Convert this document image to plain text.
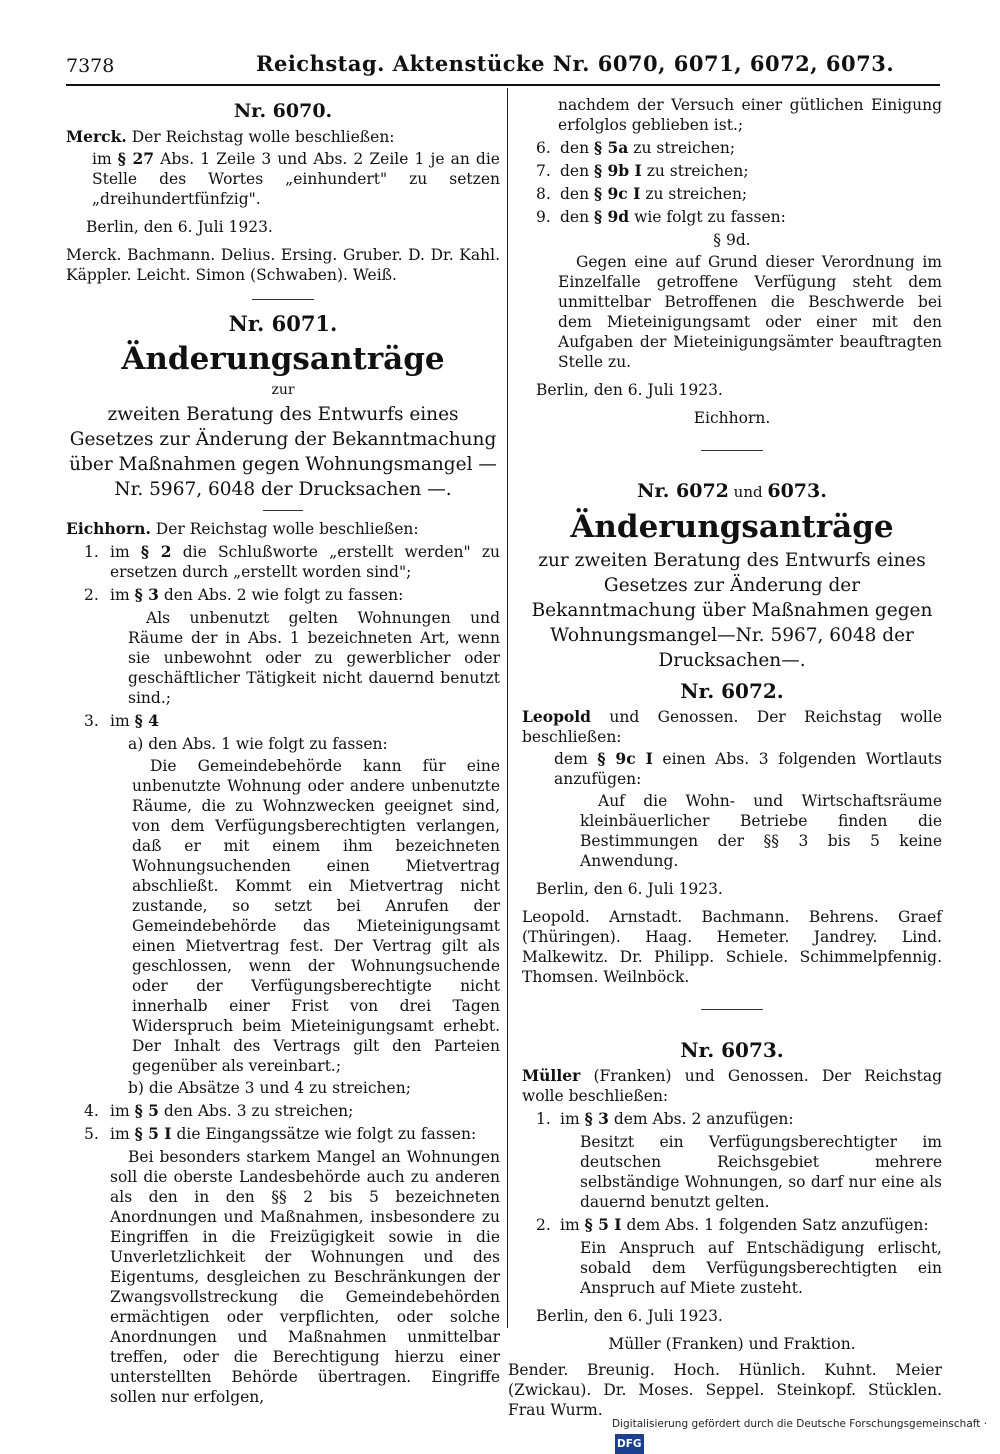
7378	Reichstag. Aktenstücke Nr. 6070, 6071, 6072, 6073.
Nr. 6070.
Merck. Der Reichstag wolle beschließen:
im § 27 Abs. 1 Zeile 3 und Abs. 2 Zeile 1 je an die Stelle des Wortes „einhundert" zu setzen „dreihundertfünfzig".
Berlin, den 6. Juli 1923.
Merck. Bachmann. Delius. Ersing. Gruber. D. Dr. Kahl. Käppler. Leicht. Simon (Schwaben). Weiß.
Nr. 6071.
Änderungsanträge
zur
zweiten Beratung des Entwurfs eines Gesetzes zur Änderung der Bekanntmachung über Maßnahmen gegen Wohnungsmangel — Nr. 5967, 6048 der Drucksachen —.
Eichhorn. Der Reichstag wolle beschließen:
1. im § 2 die Schlußworte „erstellt werden" zu ersetzen durch „erstellt worden sind";
2. im § 3 den Abs. 2 wie folgt zu fassen:
Als unbenutzt gelten Wohnungen und Räume der in Abs. 1 bezeichneten Art, wenn sie unbewohnt oder zu gewerblicher oder geschäftlicher Tätigkeit nicht dauernd benutzt sind.;
3. im § 4
a) den Abs. 1 wie folgt zu fassen:
Die Gemeindebehörde kann für eine unbenutzte Wohnung oder andere unbenutzte Räume, die zu Wohnzwecken geeignet sind, von dem Verfügungsberechtigten verlangen, daß er mit einem ihm bezeichneten Wohnungsuchenden einen Mietvertrag abschließt. Kommt ein Mietvertrag nicht zustande, so setzt bei Anrufen der Gemeindebehörde das Mieteinigungsamt einen Mietvertrag fest. Der Vertrag gilt als geschlossen, wenn der Wohnungsuchende oder der Verfügungsberechtigte nicht innerhalb einer Frist von drei Tagen Widerspruch beim Mieteinigungsamt erhebt. Der Inhalt des Vertrags gilt den Parteien gegenüber als vereinbart.;
b) die Absätze 3 und 4 zu streichen;
4. im § 5 den Abs. 3 zu streichen;
5. im § 5 I die Eingangssätze wie folgt zu fassen:
Bei besonders starkem Mangel an Wohnungen soll die oberste Landesbehörde auch zu anderen als den in den §§ 2 bis 5 bezeichneten Anordnungen und Maßnahmen, insbesondere zu Eingriffen in die Freizügigkeit sowie in die Unverletzlichkeit der Wohnungen und des Eigentums, desgleichen zu Beschränkungen der Zwangsvollstreckung die Gemeindebehörden ermächtigen oder verpflichten, oder solche Anordnungen und Maßnahmen unmittelbar treffen, oder die Berechtigung hierzu einer unterstellten Behörde übertragen. Eingriffe sollen nur erfolgen,
nachdem der Versuch einer gütlichen Einigung erfolglos geblieben ist.;
6. den § 5a zu streichen;
7. den § 9b I zu streichen;
8. den § 9c I zu streichen;
9. den § 9d wie folgt zu fassen:
§ 9d.
Gegen eine auf Grund dieser Verordnung im Einzelfalle getroffene Verfügung steht dem unmittelbar Betroffenen die Beschwerde bei dem Mieteinigungsamt oder einer mit den Aufgaben der Mieteinigungsämter beauftragten Stelle zu.
Berlin, den 6. Juli 1923.
Eichhorn.
Nr. 6072 und 6073.
Änderungsanträge
zur zweiten Beratung des Entwurfs eines Gesetzes zur Änderung der Bekanntmachung über Maßnahmen gegen Wohnungsmangel—Nr. 5967, 6048 der Drucksachen—.
Nr. 6072.
Leopold und Genossen. Der Reichstag wolle beschließen:
dem § 9c I einen Abs. 3 folgenden Wortlauts anzufügen:
Auf die Wohn- und Wirtschaftsräume kleinbäuerlicher Betriebe finden die Bestimmungen der §§ 3 bis 5 keine Anwendung.
Berlin, den 6. Juli 1923.
Leopold. Arnstadt. Bachmann. Behrens. Graef (Thüringen). Haag. Hemeter. Jandrey. Lind. Malkewitz. Dr. Philipp. Schiele. Schimmelpfennig. Thomsen. Weilnböck.
Nr. 6073.
Müller (Franken) und Genossen. Der Reichstag wolle beschließen:
1. im § 3 dem Abs. 2 anzufügen:
Besitzt ein Verfügungsberechtigter im deutschen Reichsgebiet mehrere selbständige Wohnungen, so darf nur eine als dauernd benutzt gelten.
2. im § 5 I dem Abs. 1 folgenden Satz anzufügen:
Ein Anspruch auf Entschädigung erlischt, sobald dem Verfügungsberechtigten ein Anspruch auf Miete zusteht.
Berlin, den 6. Juli 1923.
Müller (Franken) und Fraktion.
Bender. Breunig. Hoch. Hünlich. Kuhnt. Meier (Zwickau). Dr. Moses. Seppel. Steinkopf. Stücklen. Frau Wurm.
Digitalisierung gefördert durch die Deutsche Forschungsgemeinschaft ·DFG
